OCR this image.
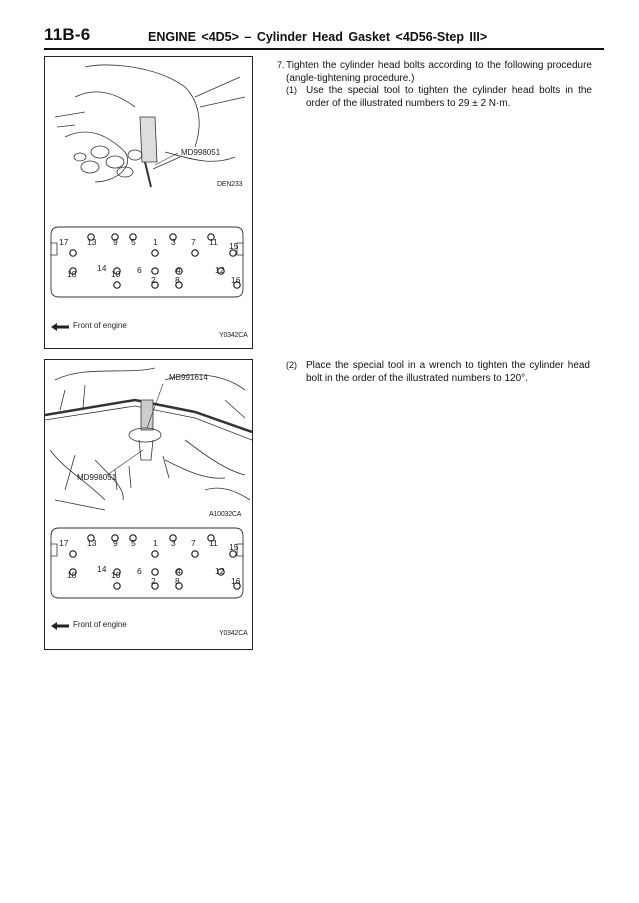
11B-6	ENGINE <4D5> – Cylinder Head Gasket <4D56-Step III>
MD998051
DEN233
17 13 9 5 1 3 7 11 15
18
14
10 6
2
4
8
12
16
Front of engine
Y0342CA
MB991614
MD998051
A10032CA
17 13 9 5 1 3 7 11 15
18
14
10 6
2
4
8
12
16
Front of engine
Y0342CA
7. Tighten the cylinder head bolts according to the following procedure (angle-tightening procedure.)
(1) Use the special tool to tighten the cylinder head bolts in the order of the illustrated numbers to 29 ± 2 N·m.
(2) Place the special tool in a wrench to tighten the cylinder head bolt in the order of the illustrated numbers to 120°.
